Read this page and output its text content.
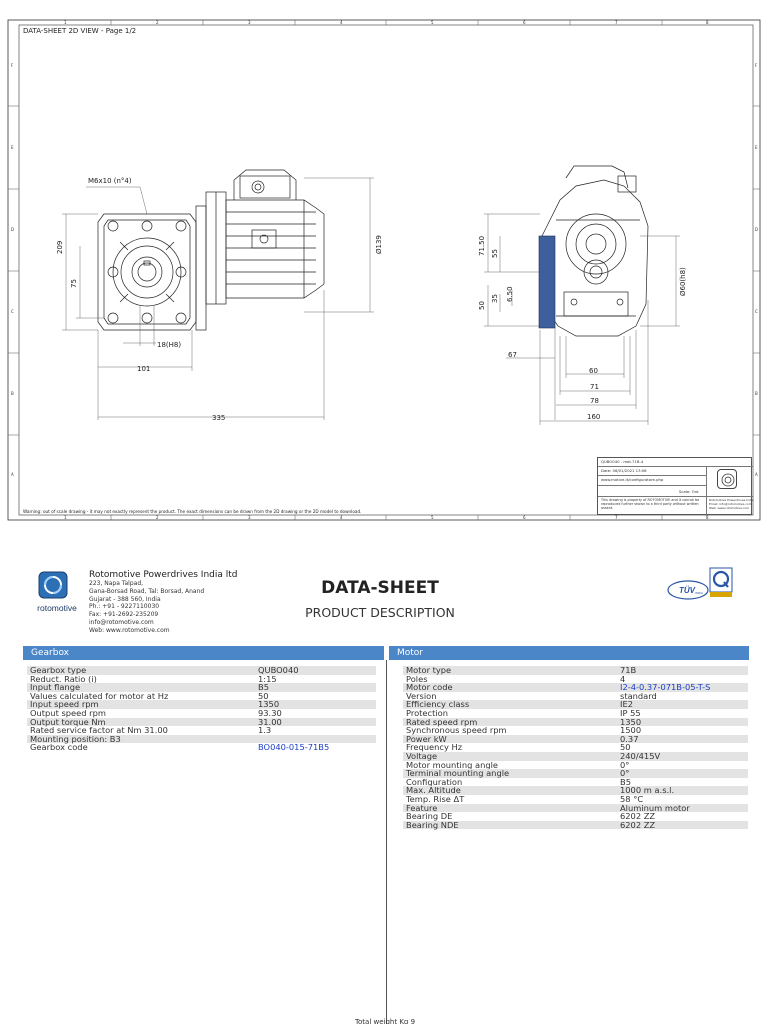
1	2	3	4	5	6	7	8
1	2	3	4	5	6	7	8
F
E
D
C
B
A
F
E
D
C
B
A
DATA-SHEET 2D VIEW - Page 1/2
M6x10 (n°4)
209
75
18(H8)
101
335
Ø139	71.50 55
35
50
6.50
67
60
71
78
160
Ø60(h8)
Warning: out of scale drawing - it may not exactly represent the product. The exact dimensions can be drawn from the 2D drawing or the 2D model to download.
QUBO040 - mot.71B-4
Date: 06/01/2021 13:06
www.motive.it/configuratore.php
Scale: Out
This drawing is property of ROTOMOTIVE and it cannot be reproduced further shown to a third party without written assent.
Rotomotive Powerdrives India
Email: info@rotomotive.com
Web: www.rotomotive.com
rotomotive
Rotomotive Powerdrives India ltd
223, Napa Talpad,
Gana-Borsad Road, Tal: Borsad, Anand
Gujarat - 388 560, India
Ph.: +91 - 9227110030
Fax: +91-2692-235209
info@rotomotive.com
Web: www.rotomotive.com
DATA-SHEET
PRODUCT DESCRIPTION
TÜV INDIA
Gearbox	Motor
Gearbox type	QUBO040
Reduct. Ratio (i)	1:15
Input flange	B5
Values calculated for motor at Hz	50
Input speed rpm	1350
Output speed rpm	93.30
Output torque Nm	31.00
Rated service factor at Nm 31.00	1.3
Mounting position: B3
Gearbox code	BO040-015-71B5
Motor type	71B
Poles	4
Motor code	I2-4-0.37-071B-05-T-S
Version	standard
Efficiency class	IE2
Protection	IP 55
Rated speed rpm	1350
Synchronous speed rpm	1500
Power kW	0.37
Frequency Hz	50
Voltage	240/415V
Motor mounting angle	0°
Terminal mounting angle	0°
Configuration	B5
Max. Altitude	1000 m a.s.l.
Temp. Rise ΔT	58 °C
Feature	Aluminum motor
Bearing DE	6202 ZZ
Bearing NDE	6202 ZZ
Total weight Kg 9
